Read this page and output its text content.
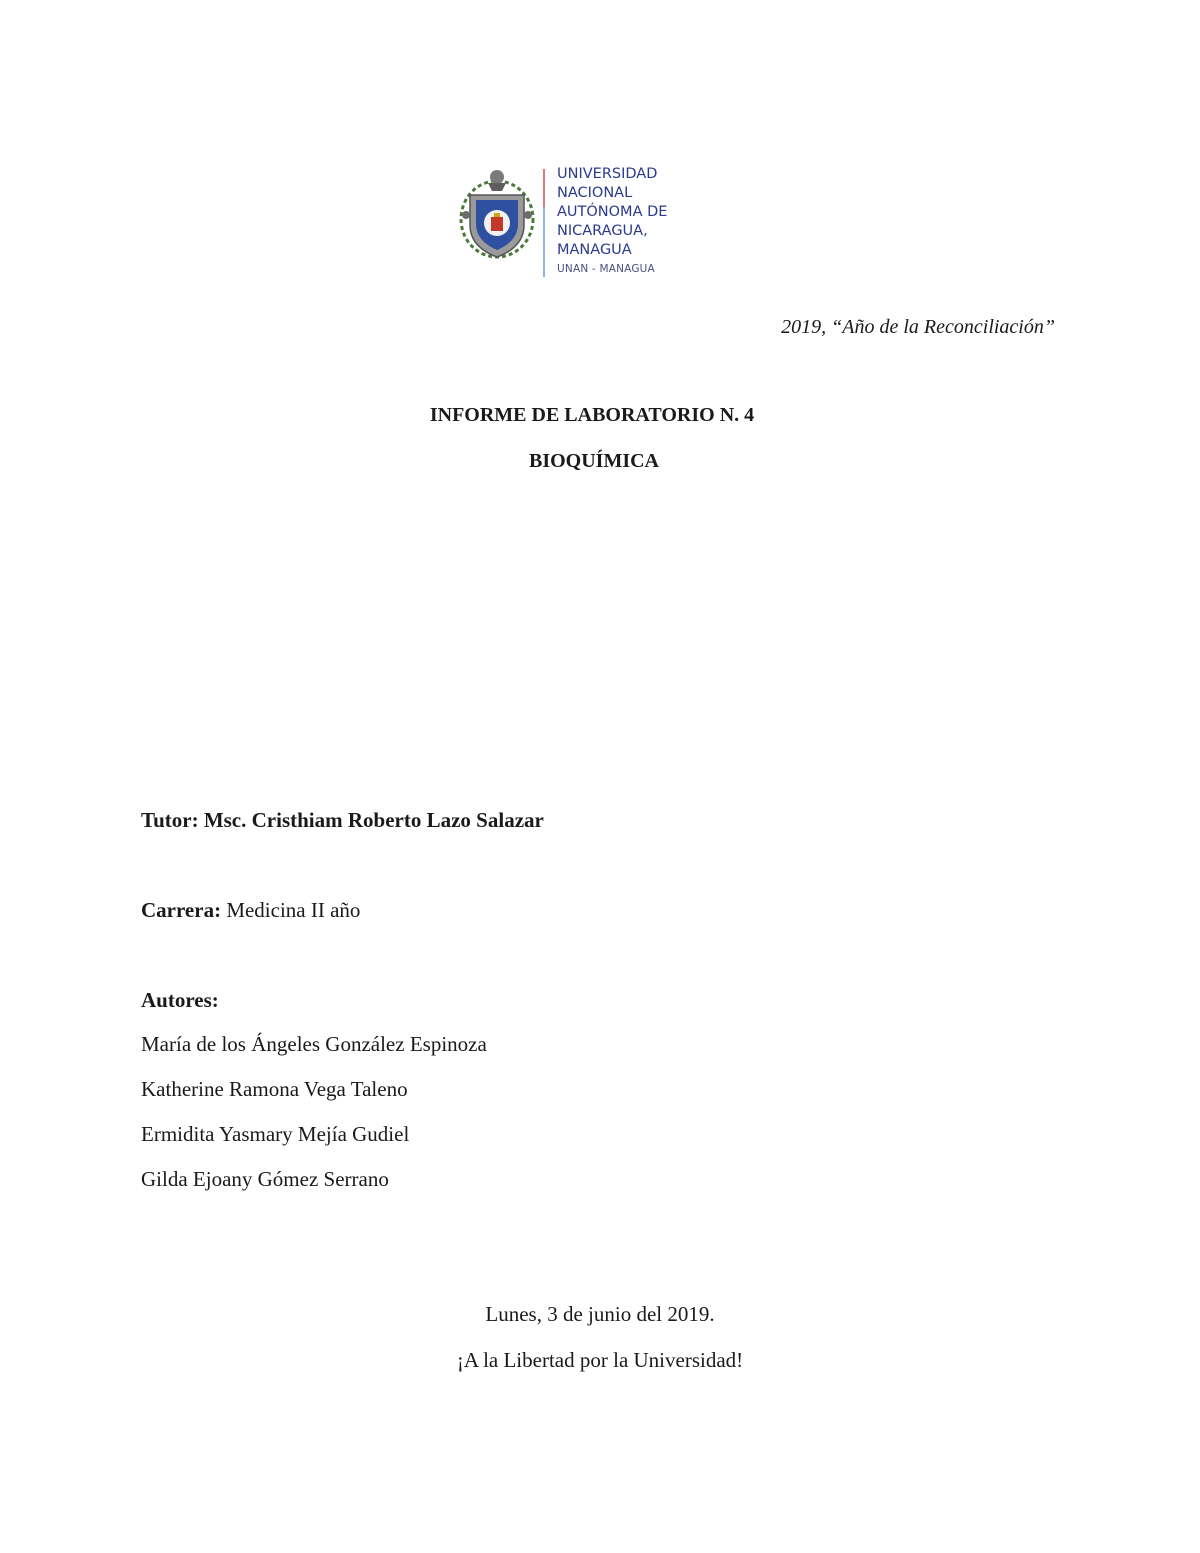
UNIVERSIDAD
NACIONAL
AUTÓNOMA DE
NICARAGUA,
MANAGUA
UNAN - MANAGUA
2019, “Año de la Reconciliación”
INFORME DE LABORATORIO N. 4
BIOQUÍMICA
Tutor: Msc. Cristhiam Roberto Lazo Salazar
Carrera: Medicina II año
Autores:
María de los Ángeles González Espinoza
Katherine Ramona Vega Taleno
Ermidita Yasmary Mejía Gudiel
Gilda Ejoany Gómez Serrano
Lunes, 3 de junio del 2019.
¡A la Libertad por la Universidad!
